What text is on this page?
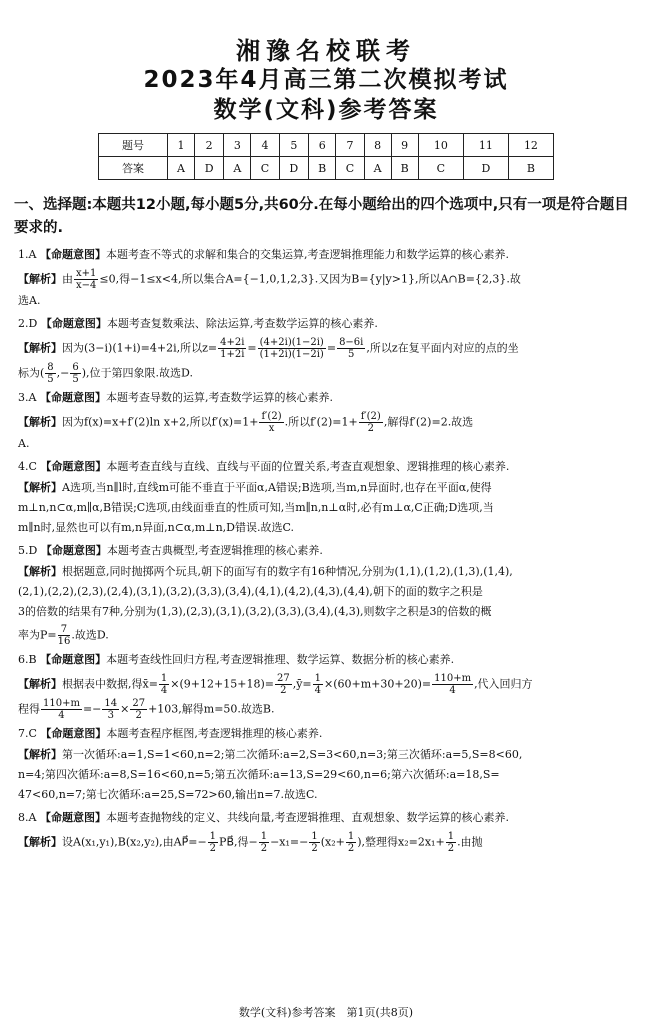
湘豫名校联考
2023年4月高三第二次模拟考试
数学(文科)参考答案
题号	1	2	3	4	5	6	7	8	9	10	11	12
答案	A	D	A	C	D	B	C	A	B	C	D	B
一、选择题:本题共12小题,每小题5分,共60分.在每小题给出的四个选项中,只有一项是符合题目要求的.
1.A 【命题意图】本题考查不等式的求解和集合的交集运算,考查逻辑推理能力和数学运算的核心素养.
【解析】由 $\frac{x+1}{x-4} \le 0$,得−1≤x<4,所以集合A={−1,0,1,2,3}.又因为B={y|y>1},所以A∩B={2,3}.故
选A.
2.D 【命题意图】本题考查复数乘法、除法运算,考查数学运算的核心素养.
【解析】因为(3−i)(1+i)=4+2i,所以$z= \frac{4+2i}{1+2i} = \frac{(4+2i)(1-2i)}{(1+2i)(1-2i)} = \frac{8-6i}{5}$ ,所以z在复平面内对应的点的坐
标为( $\frac{8}{5}$ ,− $\frac{6}{5}$ ),位于第四象限.故选D.
3.A 【命题意图】本题考查导数的运算,考查数学运算的核心素养.
【解析】因为f(x)=x+f′(2)ln x+2,所以$f'(x)=1+ \frac{f'(2)}{x}$ .所以$f'(2)=1+ \frac{f'(2)}{2}$ ,解得f′(2)=2.故选
A.
4.C 【命题意图】本题考查直线与直线、直线与平面的位置关系,考查直观想象、逻辑推理的核心素养.
【解析】A选项,当n∥l时,直线m可能不垂直于平面α,A错误;B选项,当m,n异面时,也存在平面α,使得
m⊥n,n⊂α,m∥α,B错误;C选项,由线面垂直的性质可知,当m∥n,n⊥α时,必有m⊥α,C正确;D选项,当
m∥n时,显然也可以有m,n异面,n⊂α,m⊥n,D错误.故选C.
5.D 【命题意图】本题考查古典概型,考查逻辑推理的核心素养.
【解析】根据题意,同时抛掷两个玩具,朝下的面写有的数字有16种情况,分别为(1,1),(1,2),(1,3),(1,4),
(2,1),(2,2),(2,3),(2,4),(3,1),(3,2),(3,3),(3,4),(4,1),(4,2),(4,3),(4,4),朝下的面的数字之积是
3的倍数的结果有7种,分别为(1,3),(2,3),(3,1),(3,2),(3,3),(3,4),(4,3),则数字之积是3的倍数的概
率为$P= \frac{7}{16}$ .故选D.
6.B 【命题意图】本题考查线性回归方程,考查逻辑推理、数学运算、数据分析的核心素养.
【解析】根据表中数据,得x̄= $\frac{1}{4} \times(9+12+15+18)= \frac{27}{2}$ ,ȳ= $\frac{1}{4} \times(60+m+30+20)= \frac{110+m}{4}$ ,代入回归方
程得 $\frac{110+m}{4} =- \frac{14}{3} \times \frac{27}{2} +103$,解得m=50.故选B.
7.C 【命题意图】本题考查程序框图,考查逻辑推理的核心素养.
【解析】第一次循环:a=1,S=1<60,n=2;第二次循环:a=2,S=3<60,n=3;第三次循环:a=5,S=8<60,
n=4;第四次循环:a=8,S=16<60,n=5;第五次循环:a=13,S=29<60,n=6;第六次循环:a=18,S=
47<60,n=7;第七次循环:a=25,S=72>60,输出n=7.故选C.
8.A 【命题意图】本题考查抛物线的定义、共线向量,考查逻辑推理、直观想象、数学运算的核心素养.
【解析】设A(x₁,y₁),B(x₂,y₂),由AP⃗=− $\frac{1}{2}$ PB⃗,得− $\frac{1}{2} -x_1=- \frac{1}{2} (x_2+ \frac{1}{2}$ ),整理得$x_2=2x_1+ \frac{1}{2}$ .由抛
数学(文科)参考答案　第1页(共8页)
